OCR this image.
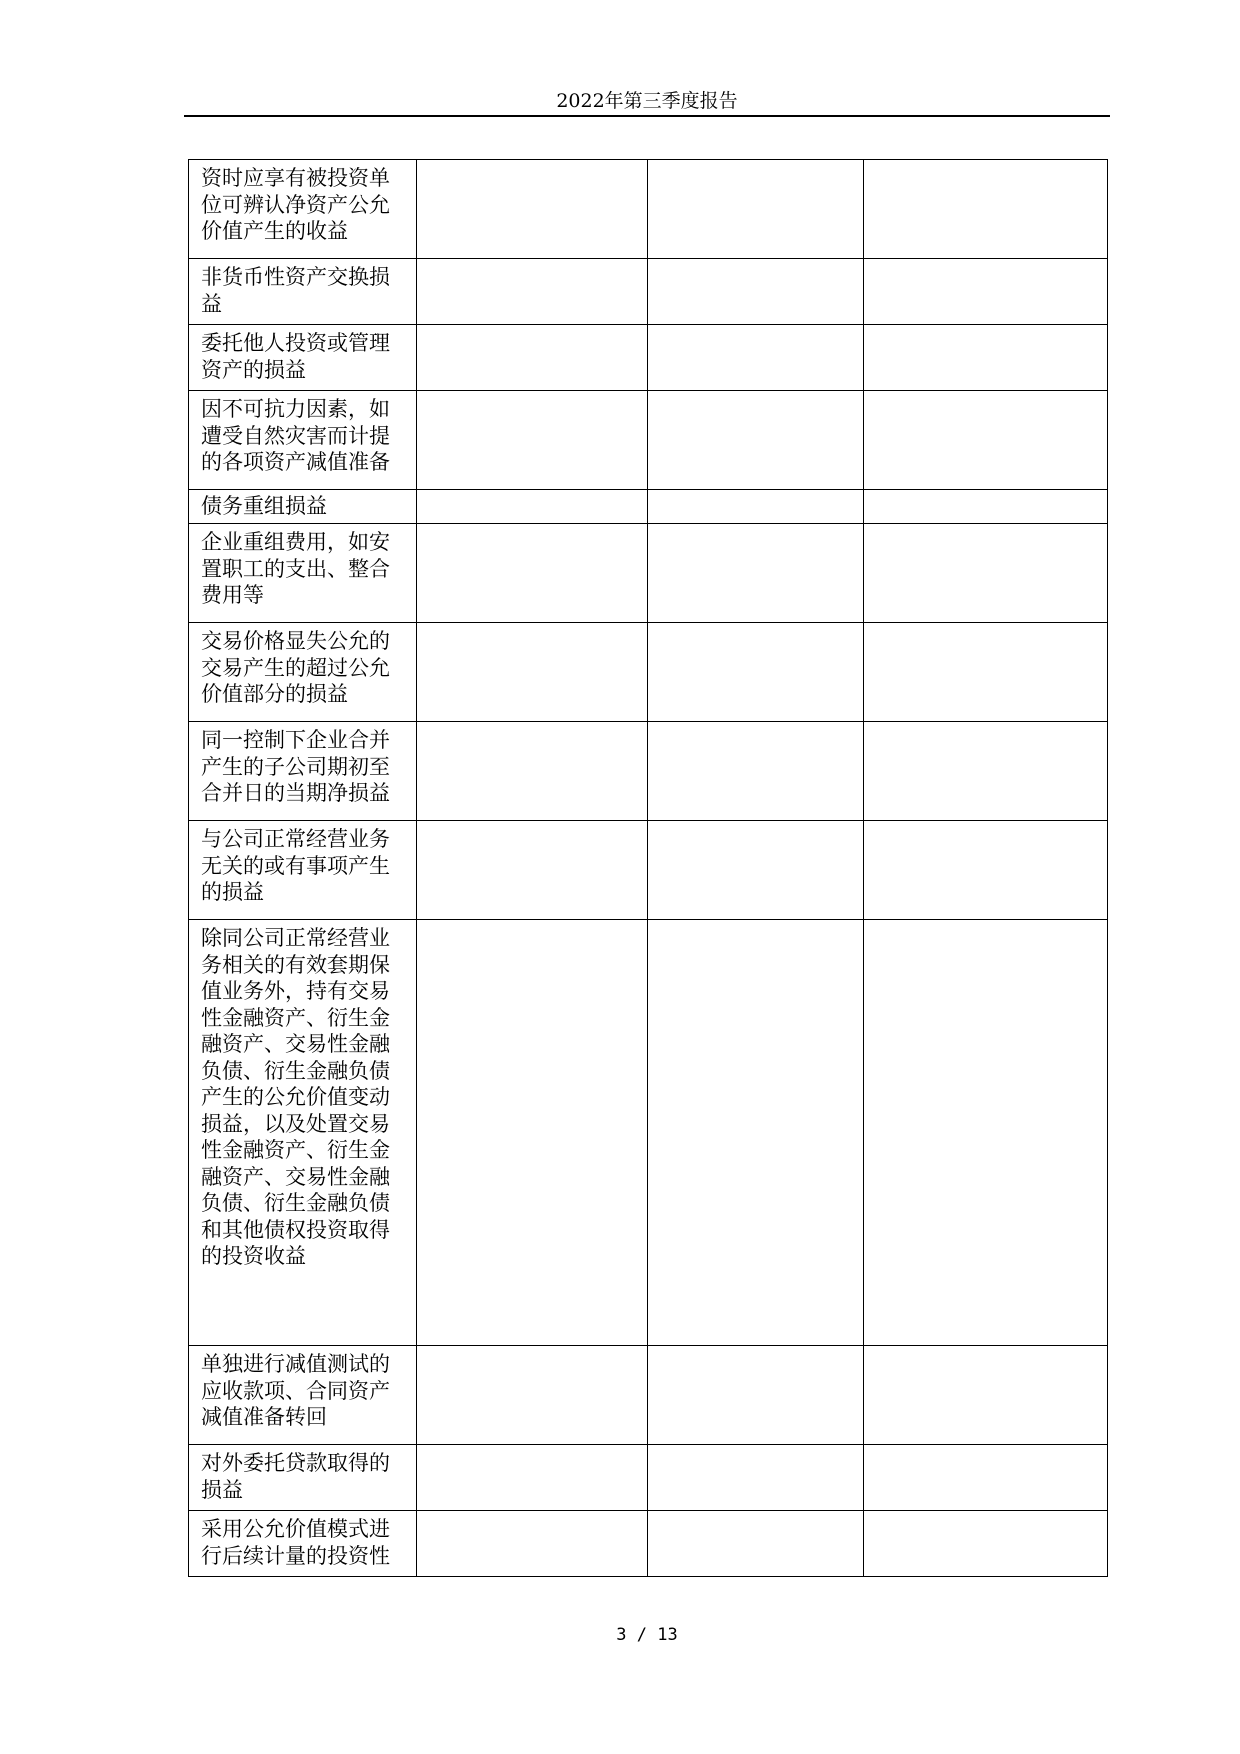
2022年第三季度报告
资时应享有被投资单位可辨认净资产公允价值产生的收益			

非货币性资产交换损益			

委托他人投资或管理资产的损益			

因不可抗力因素，如遭受自然灾害而计提的各项资产减值准备			

债务重组损益			

企业重组费用，如安置职工的支出、整合费用等			

交易价格显失公允的交易产生的超过公允价值部分的损益			

同一控制下企业合并产生的子公司期初至合并日的当期净损益			

与公司正常经营业务无关的或有事项产生的损益			

除同公司正常经营业务相关的有效套期保值业务外，持有交易性金融资产、衍生金融资产、交易性金融负债、衍生金融负债产生的公允价值变动损益，以及处置交易性金融资产、衍生金融资产、交易性金融负债、衍生金融负债和其他债权投资取得的投资收益			

单独进行减值测试的应收款项、合同资产减值准备转回			

对外委托贷款取得的损益			

采用公允价值模式进行后续计量的投资性			

3 / 13
